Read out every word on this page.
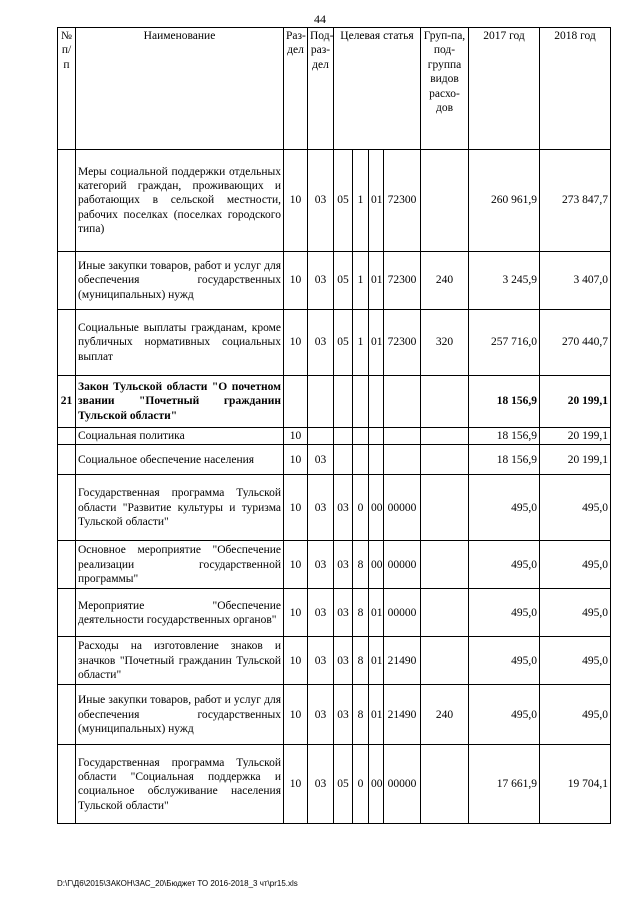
44
№ п/ п	Наименование	Раз-дел	Под-раз-дел	Целевая статья				Груп-па, под-группа видов расхо-дов	2017 год	2018 год
	Меры социальной поддержки отдельных категорий граждан, проживающих и работающих в сельской местности, рабочих поселках (поселках городского типа)	10	03	05	1	01	72300		260 961,9	273 847,7
	Иные закупки товаров, работ и услуг для обеспечения государственных (муниципальных) нужд	10	03	05	1	01	72300	240	3 245,9	3 407,0
	Социальные выплаты гражданам, кроме публичных нормативных социальных выплат	10	03	05	1	01	72300	320	257 716,0	270 440,7
21	Закон Тульской области "О почетном звании "Почетный гражданин Тульской области"								18 156,9	20 199,1
	Социальная политика	10							18 156,9	20 199,1
	Социальное обеспечение населения	10	03						18 156,9	20 199,1
	Государственная программа Тульской области "Развитие культуры и туризма Тульской области"	10	03	03	0	00	00000		495,0	495,0
	Основное мероприятие "Обеспечение реализации государственной программы"	10	03	03	8	00	00000		495,0	495,0
	Мероприятие "Обеспечение деятельности государственных органов"	10	03	03	8	01	00000		495,0	495,0
	Расходы на изготовление знаков и значков "Почетный гражданин Тульской области"	10	03	03	8	01	21490		495,0	495,0
	Иные закупки товаров, работ и услуг для обеспечения государственных (муниципальных) нужд	10	03	03	8	01	21490	240	495,0	495,0
	Государственная программа Тульской области "Социальная поддержка и социальное обслуживание населения Тульской области"	10	03	05	0	00	00000		17 661,9	19 704,1
D:\Г\Д6\2015\ЗАКОН\ЗАС_20\Бюджет ТО 2016-2018_3 чт\pr15.xls
